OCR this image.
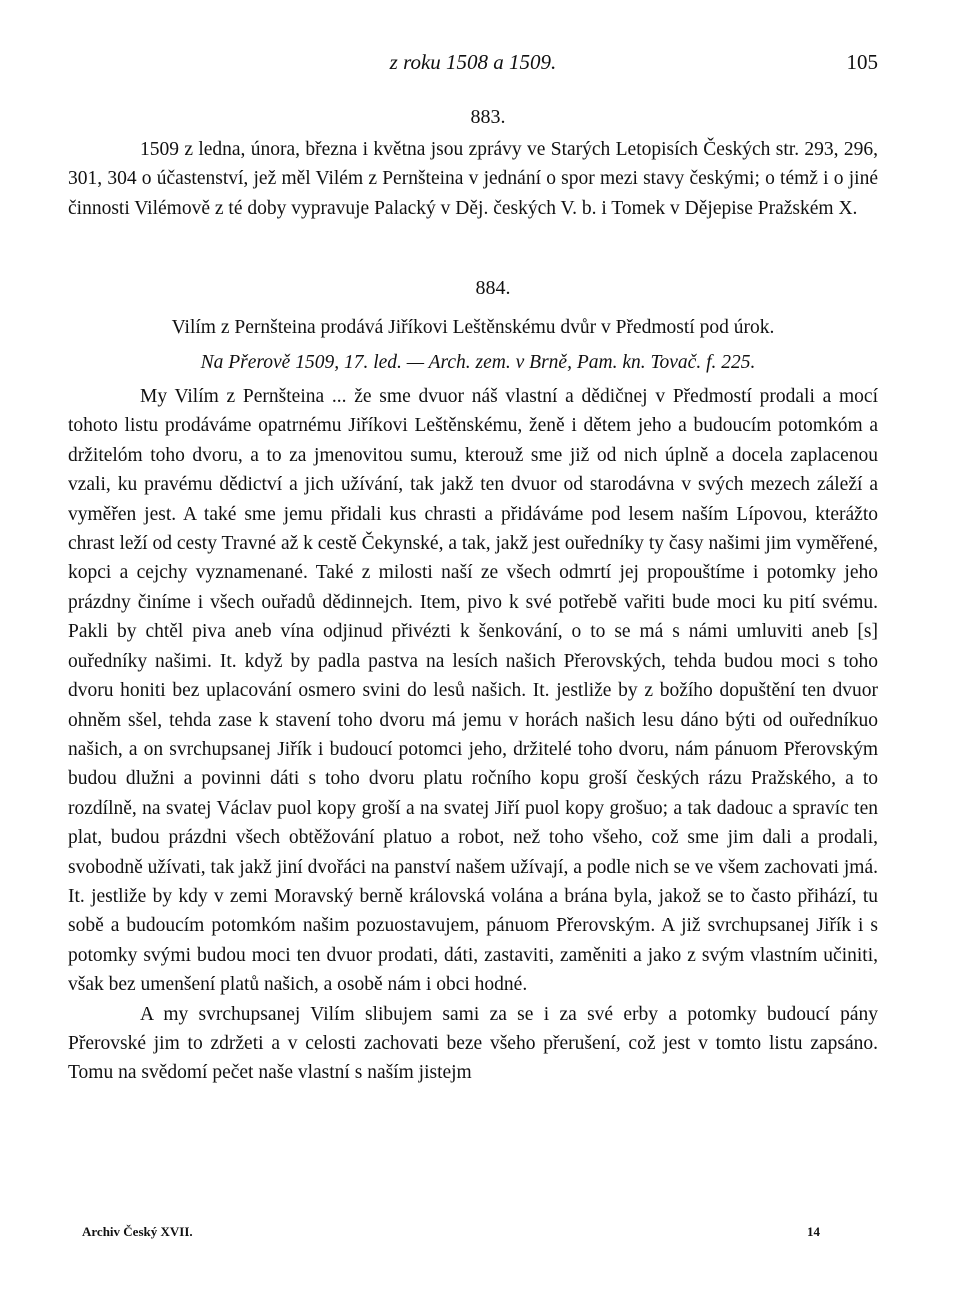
z roku 1508 a 1509.	105
883.

1509 z ledna, února, března i května jsou zprávy ve Starých Letopisích Českých str. 293, 296, 301, 304 o účastenství, jež měl Vilém z Pernšteina v jednání o spor mezi stavy českými; o témž i o jiné činnosti Vilémově z té doby vypravuje Palacký v Děj. českých V. b. i Tomek v Dějepise Pražském X.

884.
Vilím z Pernšteina prodává Jiříkovi Leštěnskému dvůr v Předmostí pod úrok.
Na Přerově 1509, 17. led. — Arch. zem. v Brně, Pam. kn. Tovač. f. 225.

My Vilím z Pernšteina ... že sme dvuor náš vlastní a dědičnej v Předmostí prodali a mocí tohoto listu prodáváme opatrnému Jiříkovi Leštěnskému, ženě i dětem jeho a budoucím potomkóm a držitelóm toho dvoru, a to za jmenovitou sumu, kterouž sme již od nich úplně a docela zaplacenou vzali, ku pravému dědictví a jich užívání, tak jakž ten dvuor od starodávna v svých mezech záleží a vyměřen jest. A také sme jemu přidali kus chrasti a přidáváme pod lesem naším Lípovou, kterážto chrast leží od cesty Travné až k cestě Čekynské, a tak, jakž jest ouředníky ty časy našimi jim vyměřené, kopci a cejchy vyznamenané. Také z milosti naší ze všech odmrtí jej propouštíme i potomky jeho prázdny činíme i všech ouřadů dědinnejch. Item, pivo k své potřebě vařiti bude moci ku pití svému. Pakli by chtěl piva aneb vína odjinud přivézti k šenkování, o to se má s námi umluviti aneb [s] ouředníky našimi. It. když by padla pastva na lesích našich Přerovských, tehda budou moci s toho dvoru honiti bez uplacování osmero svini do lesů našich. It. jestliže by z božího dopuštění ten dvuor ohněm sšel, tehda zase k stavení toho dvoru má jemu v horách našich lesu dáno býti od ouředníkuo našich, a on svrchupsanej Jiřík i budoucí potomci jeho, držitelé toho dvoru, nám pánuom Přerovským budou dlužni a povinni dáti s toho dvoru platu ročního kopu groší českých rázu Pražského, a to rozdílně, na svatej Václav puol kopy groší a na svatej Jiří puol kopy grošuo; a tak dadouc a spravíc ten plat, budou prázdni všech obtěžování platuo a robot, než toho všeho, což sme jim dali a prodali, svobodně užívati, tak jakž jiní dvořáci na panství našem užívají, a podle nich se ve všem zachovati jmá. It. jestliže by kdy v zemi Moravský berně královská volána a brána byla, jakož se to často přihází, tu sobě a budoucím potomkóm našim pozuostavujem, pánuom Přerovským. A již svrchupsanej Jiřík i s potomky svými budou moci ten dvuor prodati, dáti, zastaviti, zaměniti a jako z svým vlastním učiniti, však bez umenšení platů našich, a osobě nám i obci hodné.

A my svrchupsanej Vilím slibujem sami za se i za své erby a potomky budoucí pány Přerovské jim to zdržeti a v celosti zachovati beze všeho přerušení, což jest v tomto listu zapsáno. Tomu na svědomí pečet naše vlastní s naším jistejm

Archiv Český XVII.	14
